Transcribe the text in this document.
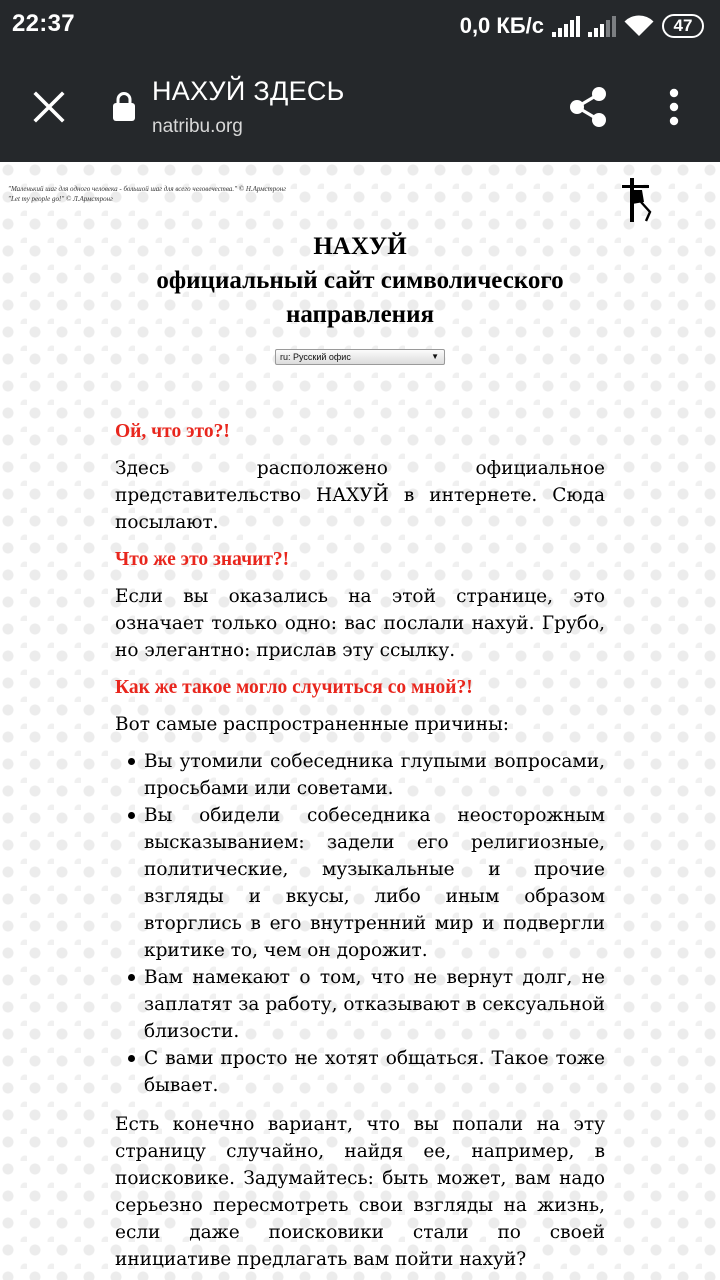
22:37	0,0 КБ/с	47
НАХУЙ ЗДЕСЬ
natribu.org
"Маленький шаг для одного человека - большой шаг для всего человечества." © Н.Армстронг
"Let my people go!" © Л.Армстронг
НАХУЙ
официальный сайт символического
направления
ru: Русский офис	▼

Ой, что это?!

Здесь расположено официальное представительство НАХУЙ в интернете. Сюда посылают.

Что же это значит?!

Если вы оказались на этой странице, это означает только одно: вас послали нахуй. Грубо, но элегантно: прислав эту ссылку.

Как же такое могло случиться со мной?!

Вот самые распространенные причины:

Вы утомили собеседника глупыми вопросами, просьбами или советами.
Вы обидели собеседника неосторожным высказыванием: задели его религиозные, политические, музыкальные и прочие взгляды и вкусы, либо иным образом вторглись в его внутренний мир и подвергли критике то, чем он дорожит.
Вам намекают о том, что не вернут долг, не заплатят за работу, отказывают в сексуальной близости.
С вами просто не хотят общаться. Такое тоже бывает.

Есть конечно вариант, что вы попали на эту страницу случайно, найдя ее, например, в поисковике. Задумайтесь: быть может, вам надо серьезно пересмотреть свои взгляды на жизнь, если даже поисковики стали по своей инициативе предлагать вам пойти нахуй?
